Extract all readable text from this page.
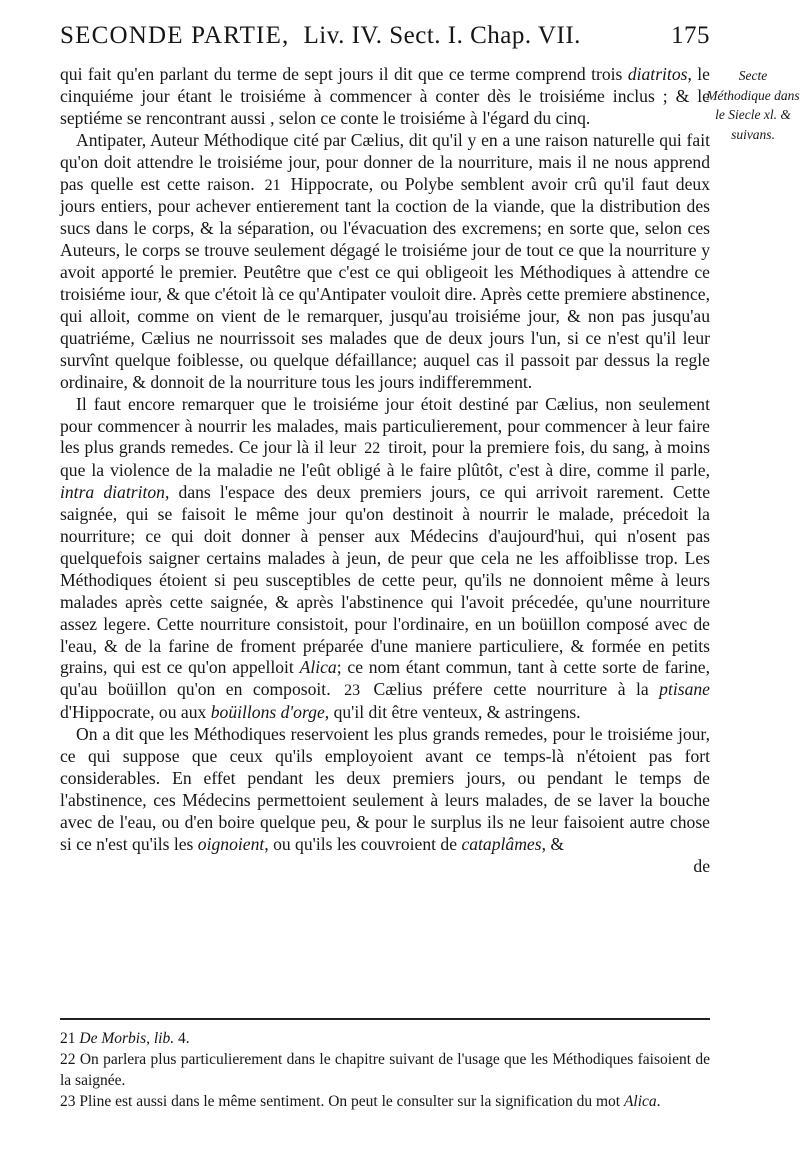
SECONDE PARTIE, Liv. IV. Sect. I. Chap. VII.	175
Secte Méthodique dans le Siecle xl. & suivans.

qui fait qu'en parlant du terme de sept jours il dit que ce terme comprend trois diatritos, le cinquiéme jour étant le troisiéme à commencer à conter dès le troisiéme inclus ; & le septiéme se rencontrant aussi , selon ce conte le troisiéme à l'égard du cinq.

Antipater, Auteur Méthodique cité par Cælius, dit qu'il y en a une raison naturelle qui fait qu'on doit attendre le troisiéme jour, pour donner de la nourriture, mais il ne nous apprend pas quelle est cette raison. 21 Hippocrate, ou Polybe semblent avoir crû qu'il faut deux jours entiers, pour achever entierement tant la coction de la viande, que la distribution des sucs dans le corps, & la séparation, ou l'évacuation des excremens; en sorte que, selon ces Auteurs, le corps se trouve seulement dégagé le troisiéme jour de tout ce que la nourriture y avoit apporté le premier. Peutêtre que c'est ce qui obligeoit les Méthodiques à attendre ce troisiéme iour, & que c'étoit là ce qu'Antipater vouloit dire. Après cette premiere abstinence, qui alloit, comme on vient de le remarquer, jusqu'au troisiéme jour, & non pas jusqu'au quatriéme, Cælius ne nourrissoit ses malades que de deux jours l'un, si ce n'est qu'il leur survînt quelque foiblesse, ou quelque défaillance; auquel cas il passoit par dessus la regle ordinaire, & donnoit de la nourriture tous les jours indifferemment.

Il faut encore remarquer que le troisiéme jour étoit destiné par Cælius, non seulement pour commencer à nourrir les malades, mais particulierement, pour commencer à leur faire les plus grands remedes. Ce jour là il leur 22 tiroit, pour la premiere fois, du sang, à moins que la violence de la maladie ne l'eût obligé à le faire plûtôt, c'est à dire, comme il parle, intra diatriton, dans l'espace des deux premiers jours, ce qui arrivoit rarement. Cette saignée, qui se faisoit le même jour qu'on destinoit à nourrir le malade, précedoit la nourriture; ce qui doit donner à penser aux Médecins d'aujourd'hui, qui n'osent pas quelquefois saigner certains malades à jeun, de peur que cela ne les affoiblisse trop. Les Méthodiques étoient si peu susceptibles de cette peur, qu'ils ne donnoient même à leurs malades après cette saignée, & après l'abstinence qui l'avoit précedée, qu'une nourriture assez legere. Cette nourriture consistoit, pour l'ordinaire, en un boüillon composé avec de l'eau, & de la farine de froment préparée d'une maniere particuliere, & formée en petits grains, qui est ce qu'on appelloit Alica; ce nom étant commun, tant à cette sorte de farine, qu'au boüillon qu'on en composoit. 23 Cælius préfere cette nourriture à la ptisane d'Hippocrate, ou aux boüillons d'orge, qu'il dit être venteux, & astringens.

On a dit que les Méthodiques reservoient les plus grands remedes, pour le troisiéme jour, ce qui suppose que ceux qu'ils employoient avant ce temps-là n'étoient pas fort considerables. En effet pendant les deux premiers jours, ou pendant le temps de l'abstinence, ces Médecins permettoient seulement à leurs malades, de se laver la bouche avec de l'eau, ou d'en boire quelque peu, & pour le surplus ils ne leur faisoient autre chose si ce n'est qu'ils les oignoient, ou qu'ils les couvroient de cataplâmes, &

de

21 De Morbis, lib. 4.

22 On parlera plus particulierement dans le chapitre suivant de l'usage que les Méthodiques faisoient de la saignée.

23 Pline est aussi dans le même sentiment. On peut le consulter sur la signification du mot Alica.
